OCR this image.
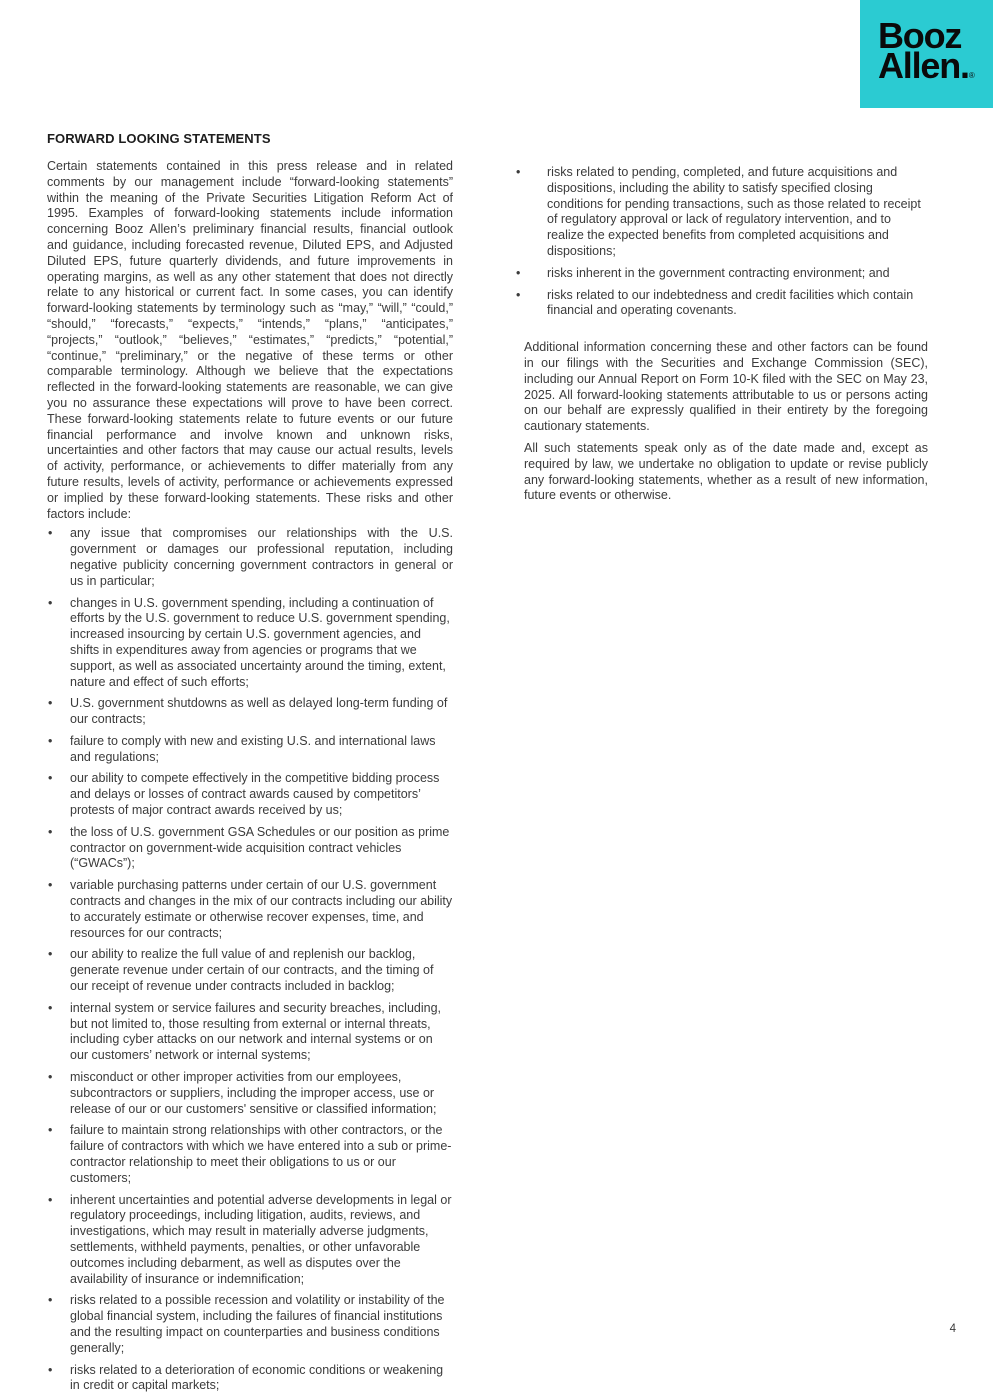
Booz
Allen.®
FORWARD LOOKING STATEMENTS

Certain statements contained in this press release and in related comments by our management include “forward-looking statements” within the meaning of the Private Securities Litigation Reform Act of 1995. Examples of forward-looking statements include information concerning Booz Allen’s preliminary financial results, financial outlook and guidance, including forecasted revenue, Diluted EPS, and Adjusted Diluted EPS, future quarterly dividends, and future improvements in operating margins, as well as any other statement that does not directly relate to any historical or current fact. In some cases, you can identify forward-looking statements by terminology such as “may,” “will,” “could,” “should,” “forecasts,” “expects,” “intends,” “plans,” “anticipates,” “projects,” “outlook,” “believes,” “estimates,” “predicts,” “potential,” “continue,” “preliminary,” or the negative of these terms or other comparable terminology. Although we believe that the expectations reflected in the forward-looking statements are reasonable, we can give you no assurance these expectations will prove to have been correct. These forward-looking statements relate to future events or our future financial performance and involve known and unknown risks, uncertainties and other factors that may cause our actual results, levels of activity, performance, or achievements to differ materially from any future results, levels of activity, performance or achievements expressed or implied by these forward-looking statements. These risks and other factors include:

• any issue that compromises our relationships with the U.S. government or damages our professional reputation, including negative publicity concerning government contractors in general or us in particular;
• changes in U.S. government spending, including a continuation of efforts by the U.S. government to reduce U.S. government spending, increased insourcing by certain U.S. government agencies, and shifts in expenditures away from agencies or programs that we support, as well as associated uncertainty around the timing, extent, nature and effect of such efforts;
• U.S. government shutdowns as well as delayed long-term funding of our contracts;
• failure to comply with new and existing U.S. and international laws and regulations;
• our ability to compete effectively in the competitive bidding process and delays or losses of contract awards caused by competitors’ protests of major contract awards received by us;
• the loss of U.S. government GSA Schedules or our position as prime contractor on government-wide acquisition contract vehicles (“GWACs”);
• variable purchasing patterns under certain of our U.S. government contracts and changes in the mix of our contracts including our ability to accurately estimate or otherwise recover expenses, time, and resources for our contracts;
• our ability to realize the full value of and replenish our backlog, generate revenue under certain of our contracts, and the timing of our receipt of revenue under contracts included in backlog;
• internal system or service failures and security breaches, including, but not limited to, those resulting from external or internal threats, including cyber attacks on our network and internal systems or on our customers’ network or internal systems;
• misconduct or other improper activities from our employees, subcontractors or suppliers, including the improper access, use or release of our or our customers' sensitive or classified information;
• failure to maintain strong relationships with other contractors, or the failure of contractors with which we have entered into a sub or prime-contractor relationship to meet their obligations to us or our customers;
• inherent uncertainties and potential adverse developments in legal or regulatory proceedings, including litigation, audits, reviews, and investigations, which may result in materially adverse judgments, settlements, withheld payments, penalties, or other unfavorable outcomes including debarment, as well as disputes over the availability of insurance or indemnification;
• risks related to a possible recession and volatility or instability of the global financial system, including the failures of financial institutions and the resulting impact on counterparties and business conditions generally;
• risks related to a deterioration of economic conditions or weakening in credit or capital markets;
• risks related to pending, completed, and future acquisitions and dispositions, including the ability to satisfy specified closing conditions for pending transactions, such as those related to receipt of regulatory approval or lack of regulatory intervention, and to realize the expected benefits from completed acquisitions and dispositions;
• risks inherent in the government contracting environment; and
• risks related to our indebtedness and credit facilities which contain financial and operating covenants.

Additional information concerning these and other factors can be found in our filings with the Securities and Exchange Commission (SEC), including our Annual Report on Form 10-K filed with the SEC on May 23, 2025. All forward-looking statements attributable to us or persons acting on our behalf are expressly qualified in their entirety by the foregoing cautionary statements.

All such statements speak only as of the date made and, except as required by law, we undertake no obligation to update or revise publicly any forward-looking statements, whether as a result of new information, future events or otherwise.

4
